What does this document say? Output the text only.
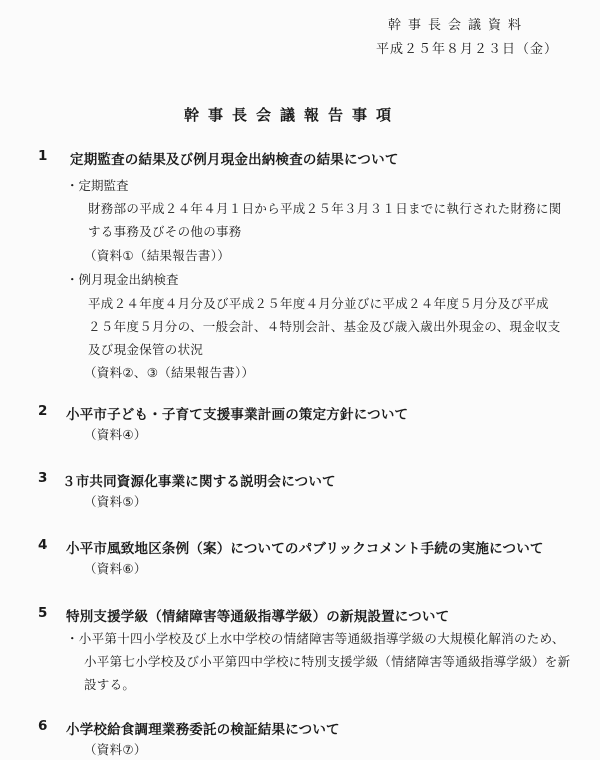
幹事長会議資料
平成２５年８月２３日（金）
幹事長会議報告事項
1 定期監査の結果及び例月現金出納検査の結果について
・定期監査
財務部の平成２４年４月１日から平成２５年３月３１日までに執行された財務に関
する事務及びその他の事務
（資料①（結果報告書））
・例月現金出納検査
平成２４年度４月分及び平成２５年度４月分並びに平成２４年度５月分及び平成
２５年度５月分の、一般会計、４特別会計、基金及び歳入歳出外現金の、現金収支
及び現金保管の状況
（資料②、③（結果報告書））
2 小平市子ども・子育て支援事業計画の策定方針について
（資料④）
3 ３市共同資源化事業に関する説明会について
（資料⑤）
4 小平市風致地区条例（案）についてのパブリックコメント手続の実施について
（資料⑥）
5 特別支援学級（情緒障害等通級指導学級）の新規設置について
・小平第十四小学校及び上水中学校の情緒障害等通級指導学級の大規模化解消のため、
小平第七小学校及び小平第四中学校に特別支援学級（情緒障害等通級指導学級）を新
設する。
6 小学校給食調理業務委託の検証結果について
（資料⑦）
